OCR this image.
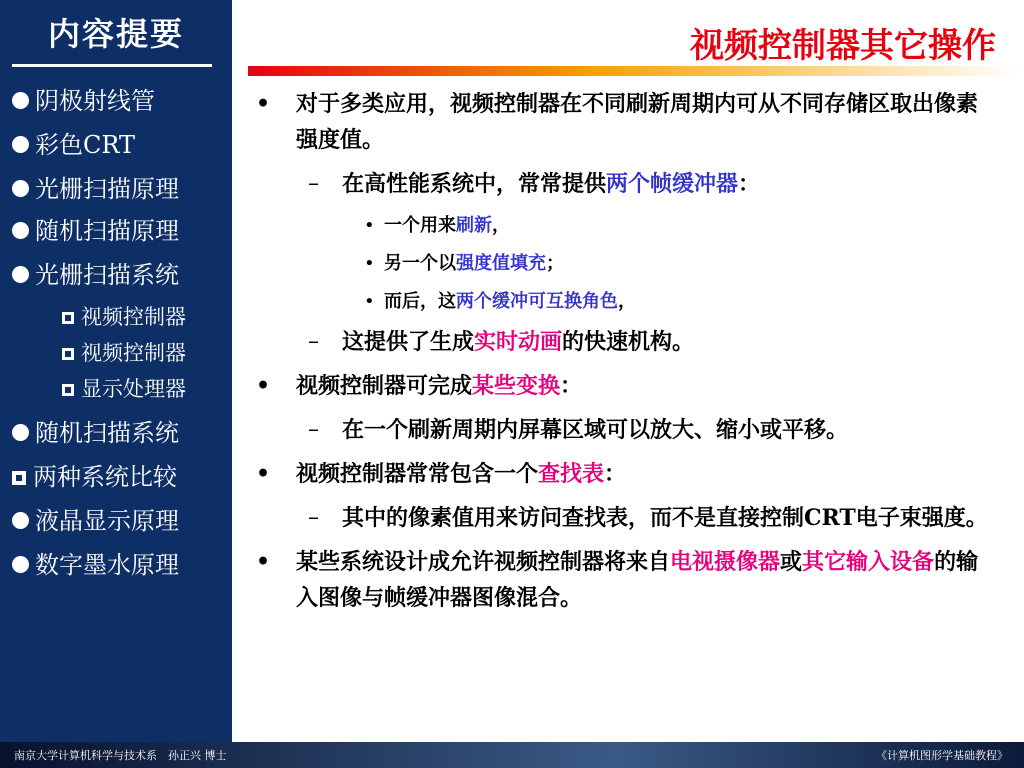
内容提要
阴极射线管
彩色CRT
光栅扫描原理
随机扫描原理
光栅扫描系统
视频控制器
视频控制器
显示处理器
随机扫描系统
两种系统比较
液晶显示原理
数字墨水原理
视频控制器其它操作
• 对于多类应用，视频控制器在不同刷新周期内可从不同存储区取出像素强度值。
– 在高性能系统中，常常提供两个帧缓冲器：
• 一个用来刷新，
• 另一个以强度值填充；
• 而后，这两个缓冲可互换角色，
– 这提供了生成实时动画的快速机构。
• 视频控制器可完成某些变换：
– 在一个刷新周期内屏幕区域可以放大、缩小或平移。
• 视频控制器常常包含一个查找表：
– 其中的像素值用来访问查找表，而不是直接控制CRT电子束强度。
• 某些系统设计成允许视频控制器将来自电视摄像器或其它输入设备的输入图像与帧缓冲器图像混合。
南京大学计算机科学与技术系　孙正兴 博士	《计算机图形学基础教程》
